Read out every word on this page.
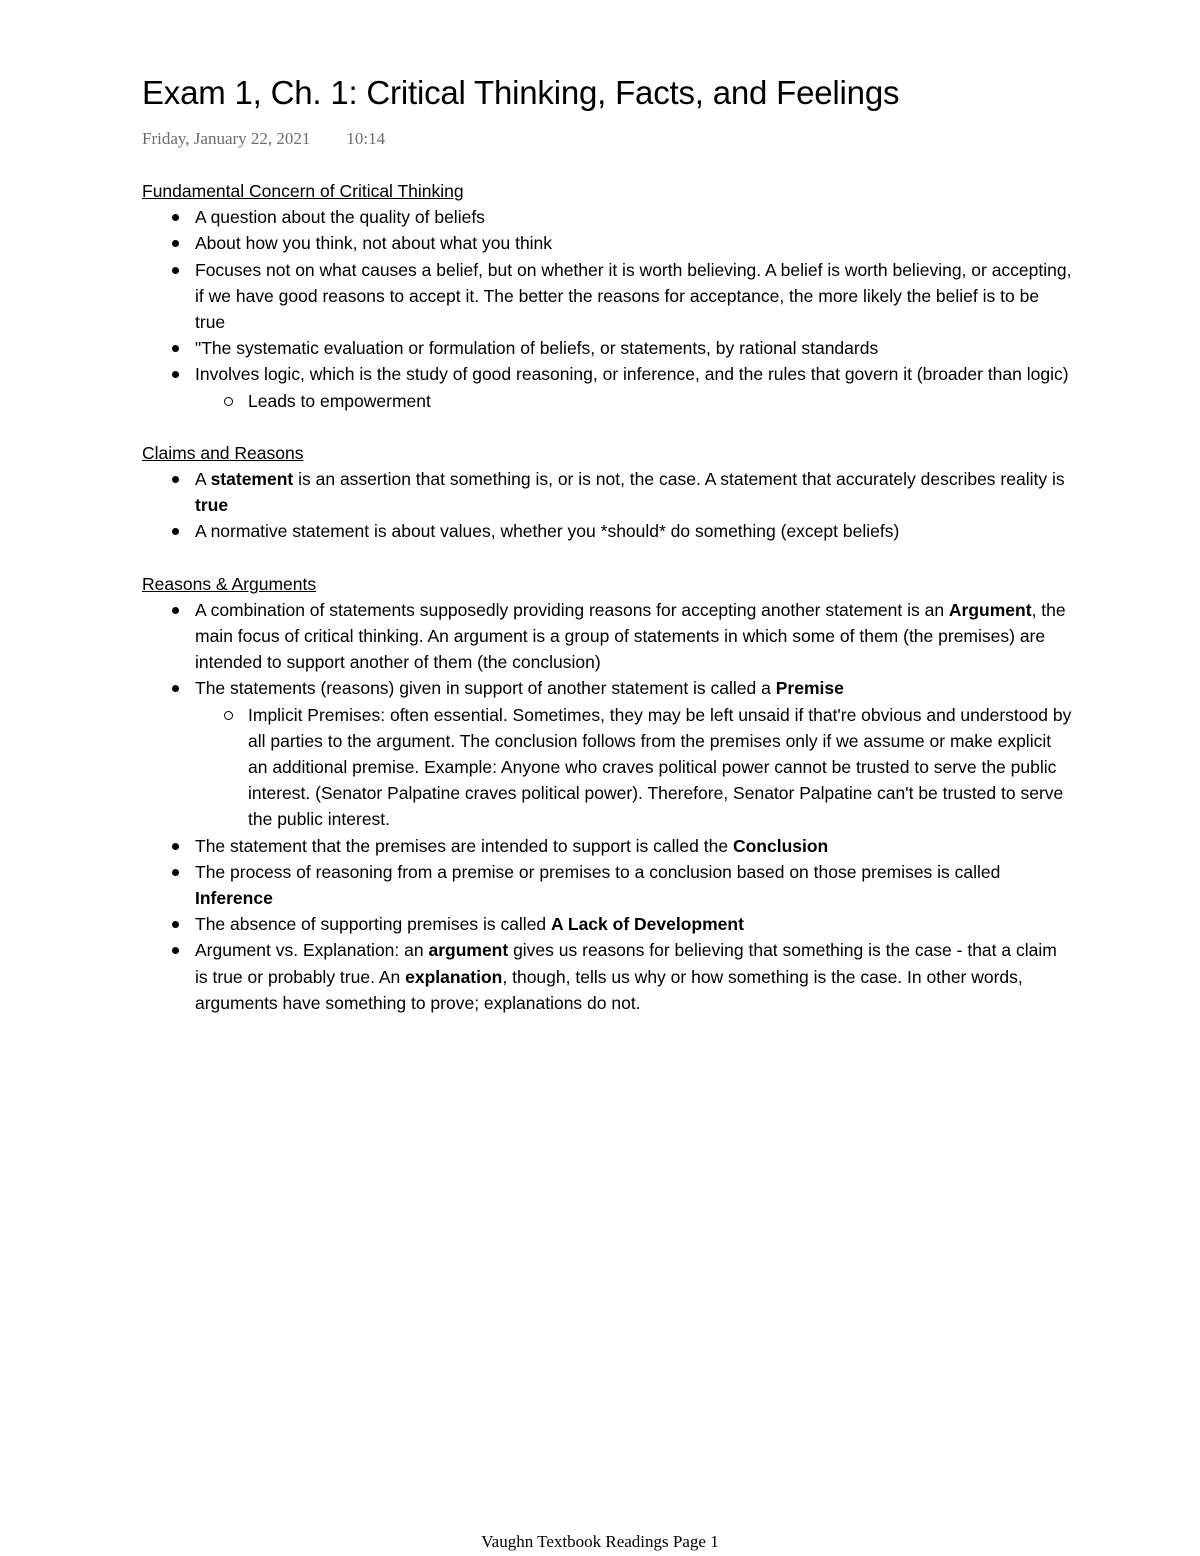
Exam 1, Ch. 1: Critical Thinking, Facts, and Feelings
Friday, January 22, 2021 10:14

Fundamental Concern of Critical Thinking

A question about the quality of beliefs
About how you think, not about what you think
Focuses not on what causes a belief, but on whether it is worth believing. A belief is worth believing, or accepting, if we have good reasons to accept it. The better the reasons for acceptance, the more likely the belief is to be true
"The systematic evaluation or formulation of beliefs, or statements, by rational standards
Involves logic, which is the study of good reasoning, or inference, and the rules that govern it (broader than logic)
Leads to empowerment

Claims and Reasons

A statement is an assertion that something is, or is not, the case. A statement that accurately describes reality is true
A normative statement is about values, whether you *should* do something (except beliefs)

Reasons & Arguments

A combination of statements supposedly providing reasons for accepting another statement is an Argument, the main focus of critical thinking. An argument is a group of statements in which some of them (the premises) are intended to support another of them (the conclusion)
The statements (reasons) given in support of another statement is called a Premise
Implicit Premises: often essential. Sometimes, they may be left unsaid if that're obvious and understood by all parties to the argument. The conclusion follows from the premises only if we assume or make explicit an additional premise. Example: Anyone who craves political power cannot be trusted to serve the public interest. (Senator Palpatine craves political power). Therefore, Senator Palpatine can't be trusted to serve the public interest.
The statement that the premises are intended to support is called the Conclusion
The process of reasoning from a premise or premises to a conclusion based on those premises is called Inference
The absence of supporting premises is called A Lack of Development
Argument vs. Explanation: an argument gives us reasons for believing that something is the case - that a claim is true or probably true. An explanation, though, tells us why or how something is the case. In other words, arguments have something to prove; explanations do not.
Vaughn Textbook Readings Page 1
